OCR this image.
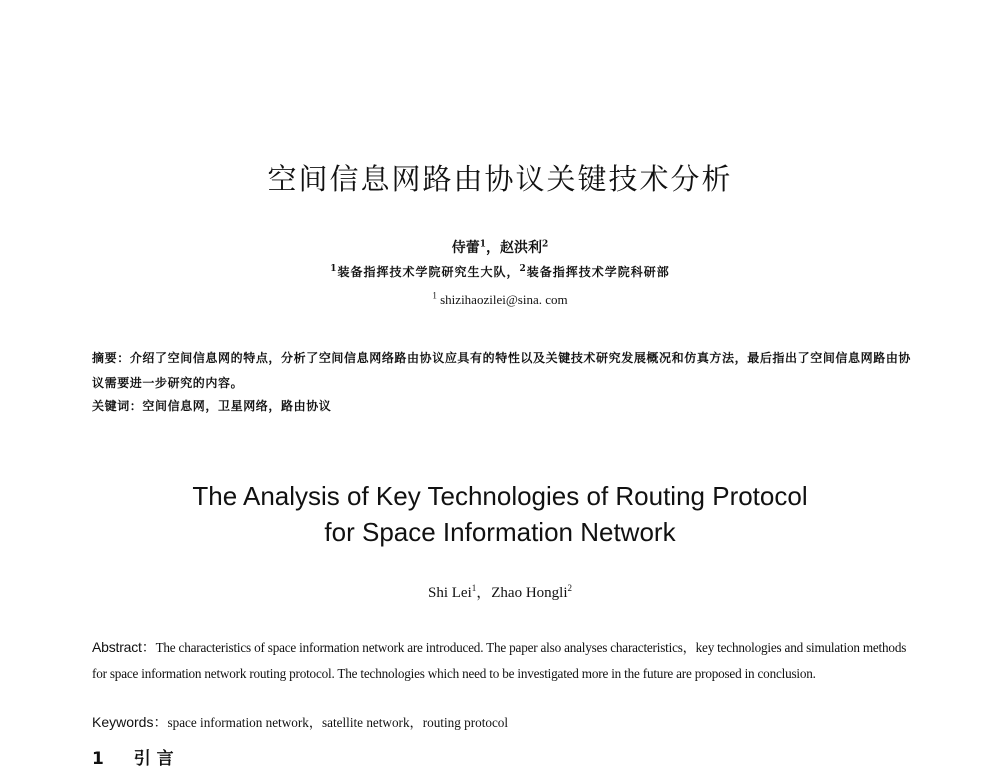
空间信息网路由协议关键技术分析
侍蕾$^1$，赵洪利$^2$
$^1$装备指挥技术学院研究生大队，$^2$装备指挥技术学院科研部
$^1$ shizihaozilei@sina. com
摘要：介绍了空间信息网的特点，分析了空间信息网络路由协议应具有的特性以及关键技术研究发展概况和仿真方法，最后指出了空间信息网路由协议需要进一步研究的内容。
关键词：空间信息网，卫星网络，路由协议
The Analysis of Key Technologies of Routing Protocol
for Space Information Network
Shi Lei$^1$，Zhao Hongli$^2$
Abstract：The characteristics of space information network are introduced. The paper also analyses characteristics，key technologies and simulation methods for space information network routing protocol. The technologies which need to be investigated more in the future are proposed in conclusion.
Keywords：space information network，satellite network，routing protocol
1 引言
